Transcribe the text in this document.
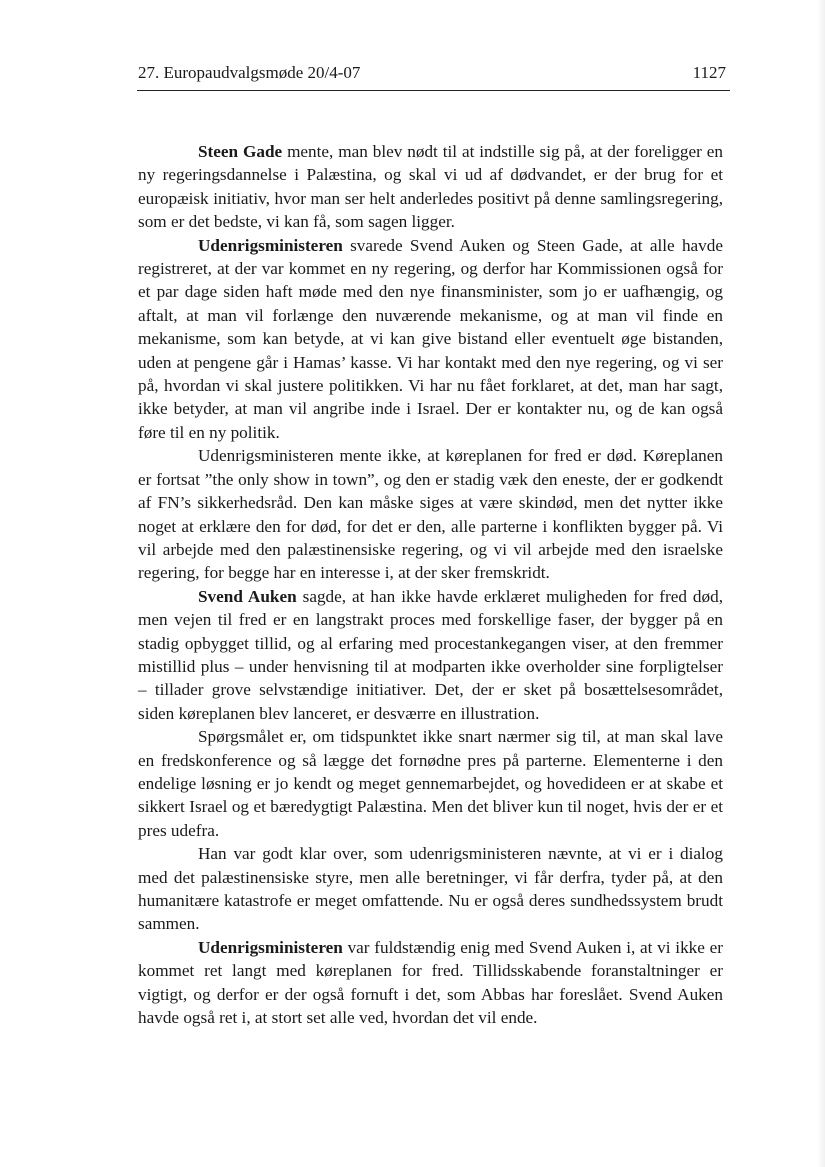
27. Europaudvalgsmøde 20/4-07	1127

Steen Gade mente, man blev nødt til at indstille sig på, at der foreligger en ny regeringsdannelse i Palæstina, og skal vi ud af dødvandet, er der brug for et europæisk initiativ, hvor man ser helt anderledes positivt på denne samlingsregering, som er det bedste, vi kan få, som sagen ligger.

Udenrigsministeren svarede Svend Auken og Steen Gade, at alle havde registreret, at der var kommet en ny regering, og derfor har Kommissionen også for et par dage siden haft møde med den nye finansminister, som jo er uafhængig, og aftalt, at man vil forlænge den nuværende mekanisme, og at man vil finde en mekanisme, som kan betyde, at vi kan give bistand eller eventuelt øge bistanden, uden at pengene går i Hamas’ kasse. Vi har kontakt med den nye regering, og vi ser på, hvordan vi skal justere politikken. Vi har nu fået forklaret, at det, man har sagt, ikke betyder, at man vil angribe inde i Israel. Der er kontakter nu, og de kan også føre til en ny politik.

Udenrigsministeren mente ikke, at køreplanen for fred er død. Køreplanen er fortsat ”the only show in town”, og den er stadig væk den eneste, der er godkendt af FN’s sikkerhedsråd. Den kan måske siges at være skindød, men det nytter ikke noget at erklære den for død, for det er den, alle parterne i konflikten bygger på. Vi vil arbejde med den palæstinensiske regering, og vi vil arbejde med den israelske regering, for begge har en interesse i, at der sker fremskridt.

Svend Auken sagde, at han ikke havde erklæret muligheden for fred død, men vejen til fred er en langstrakt proces med forskellige faser, der bygger på en stadig opbygget tillid, og al erfaring med procestankegangen viser, at den fremmer mistillid plus – under henvisning til at modparten ikke overholder sine forpligtelser – tillader grove selvstændige initiativer. Det, der er sket på bosættelsesområdet, siden køreplanen blev lanceret, er desværre en illustration.

Spørgsmålet er, om tidspunktet ikke snart nærmer sig til, at man skal lave en fredskonference og så lægge det fornødne pres på parterne. Elementerne i den endelige løsning er jo kendt og meget gennemarbejdet, og hovedideen er at skabe et sikkert Israel og et bæredygtigt Palæstina. Men det bliver kun til noget, hvis der er et pres udefra.

Han var godt klar over, som udenrigsministeren nævnte, at vi er i dialog med det palæstinensiske styre, men alle beretninger, vi får derfra, tyder på, at den humanitære katastrofe er meget omfattende. Nu er også deres sundhedssystem brudt sammen.

Udenrigsministeren var fuldstændig enig med Svend Auken i, at vi ikke er kommet ret langt med køreplanen for fred. Tillidsskabende foranstaltninger er vigtigt, og derfor er der også fornuft i det, som Abbas har foreslået. Svend Auken havde også ret i, at stort set alle ved, hvordan det vil ende.
